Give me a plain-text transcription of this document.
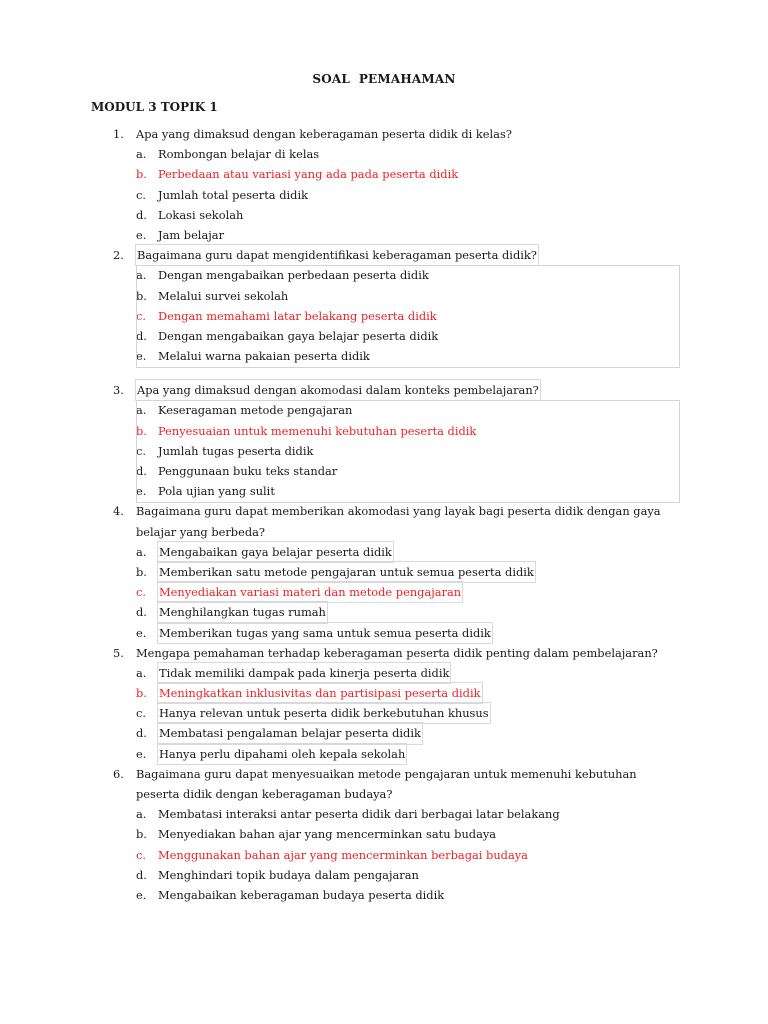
SOAL  PEMAHAMAN
MODUL 3 TOPIK 1
1. Apa yang dimaksud dengan keberagaman peserta didik di kelas?
a. Rombongan belajar di kelas
b. Perbedaan atau variasi yang ada pada peserta didik
c. Jumlah total peserta didik
d. Lokasi sekolah
e. Jam belajar
2. Bagaimana guru dapat mengidentifikasi keberagaman peserta didik?
a. Dengan mengabaikan perbedaan peserta didik
b. Melalui survei sekolah
c. Dengan memahami latar belakang peserta didik
d. Dengan mengabaikan gaya belajar peserta didik
e. Melalui warna pakaian peserta didik
3. Apa yang dimaksud dengan akomodasi dalam konteks pembelajaran?
a. Keseragaman metode pengajaran
b. Penyesuaian untuk memenuhi kebutuhan peserta didik
c. Jumlah tugas peserta didik
d. Penggunaan buku teks standar
e. Pola ujian yang sulit
4. Bagaimana guru dapat memberikan akomodasi yang layak bagi peserta didik dengan gaya
belajar yang berbeda?
a. Mengabaikan gaya belajar peserta didik
b. Memberikan satu metode pengajaran untuk semua peserta didik
c. Menyediakan variasi materi dan metode pengajaran
d. Menghilangkan tugas rumah
e. Memberikan tugas yang sama untuk semua peserta didik
5. Mengapa pemahaman terhadap keberagaman peserta didik penting dalam pembelajaran?
a. Tidak memiliki dampak pada kinerja peserta didik
b. Meningkatkan inklusivitas dan partisipasi peserta didik
c. Hanya relevan untuk peserta didik berkebutuhan khusus
d. Membatasi pengalaman belajar peserta didik
e. Hanya perlu dipahami oleh kepala sekolah
6. Bagaimana guru dapat menyesuaikan metode pengajaran untuk memenuhi kebutuhan
peserta didik dengan keberagaman budaya?
a. Membatasi interaksi antar peserta didik dari berbagai latar belakang
b. Menyediakan bahan ajar yang mencerminkan satu budaya
c. Menggunakan bahan ajar yang mencerminkan berbagai budaya
d. Menghindari topik budaya dalam pengajaran
e. Mengabaikan keberagaman budaya peserta didik
